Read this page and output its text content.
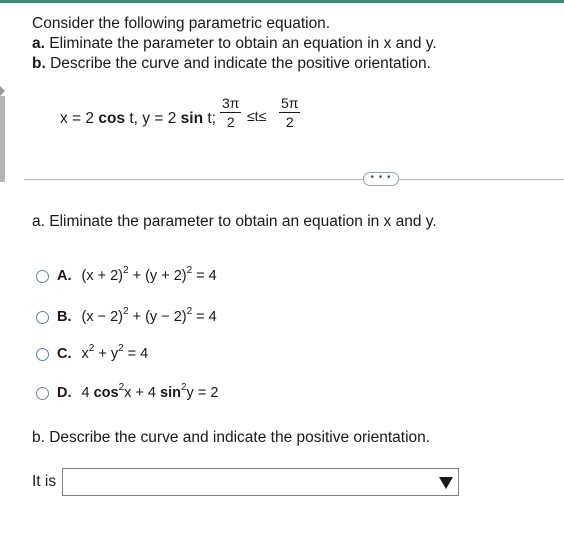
Consider the following parametric equation.
a. Eliminate the parameter to obtain an equation in x and y.
b. Describe the curve and indicate the positive orientation.
x = 2 cos t, y = 2 sin t; $\frac{3\pi}{2} \le t\le \frac{5\pi}{2}$
• • •
a. Eliminate the parameter to obtain an equation in x and y.
A. $(x + 2)^2 + (y + 2)^2 = 4$
B. $(x - 2)^2 + (y - 2)^2 = 4$
C. $x^2 + y^2 = 4$
D. 4 $\cos^2x + 4$ $\sin^2y = 2$
b. Describe the curve and indicate the positive orientation.
It is
